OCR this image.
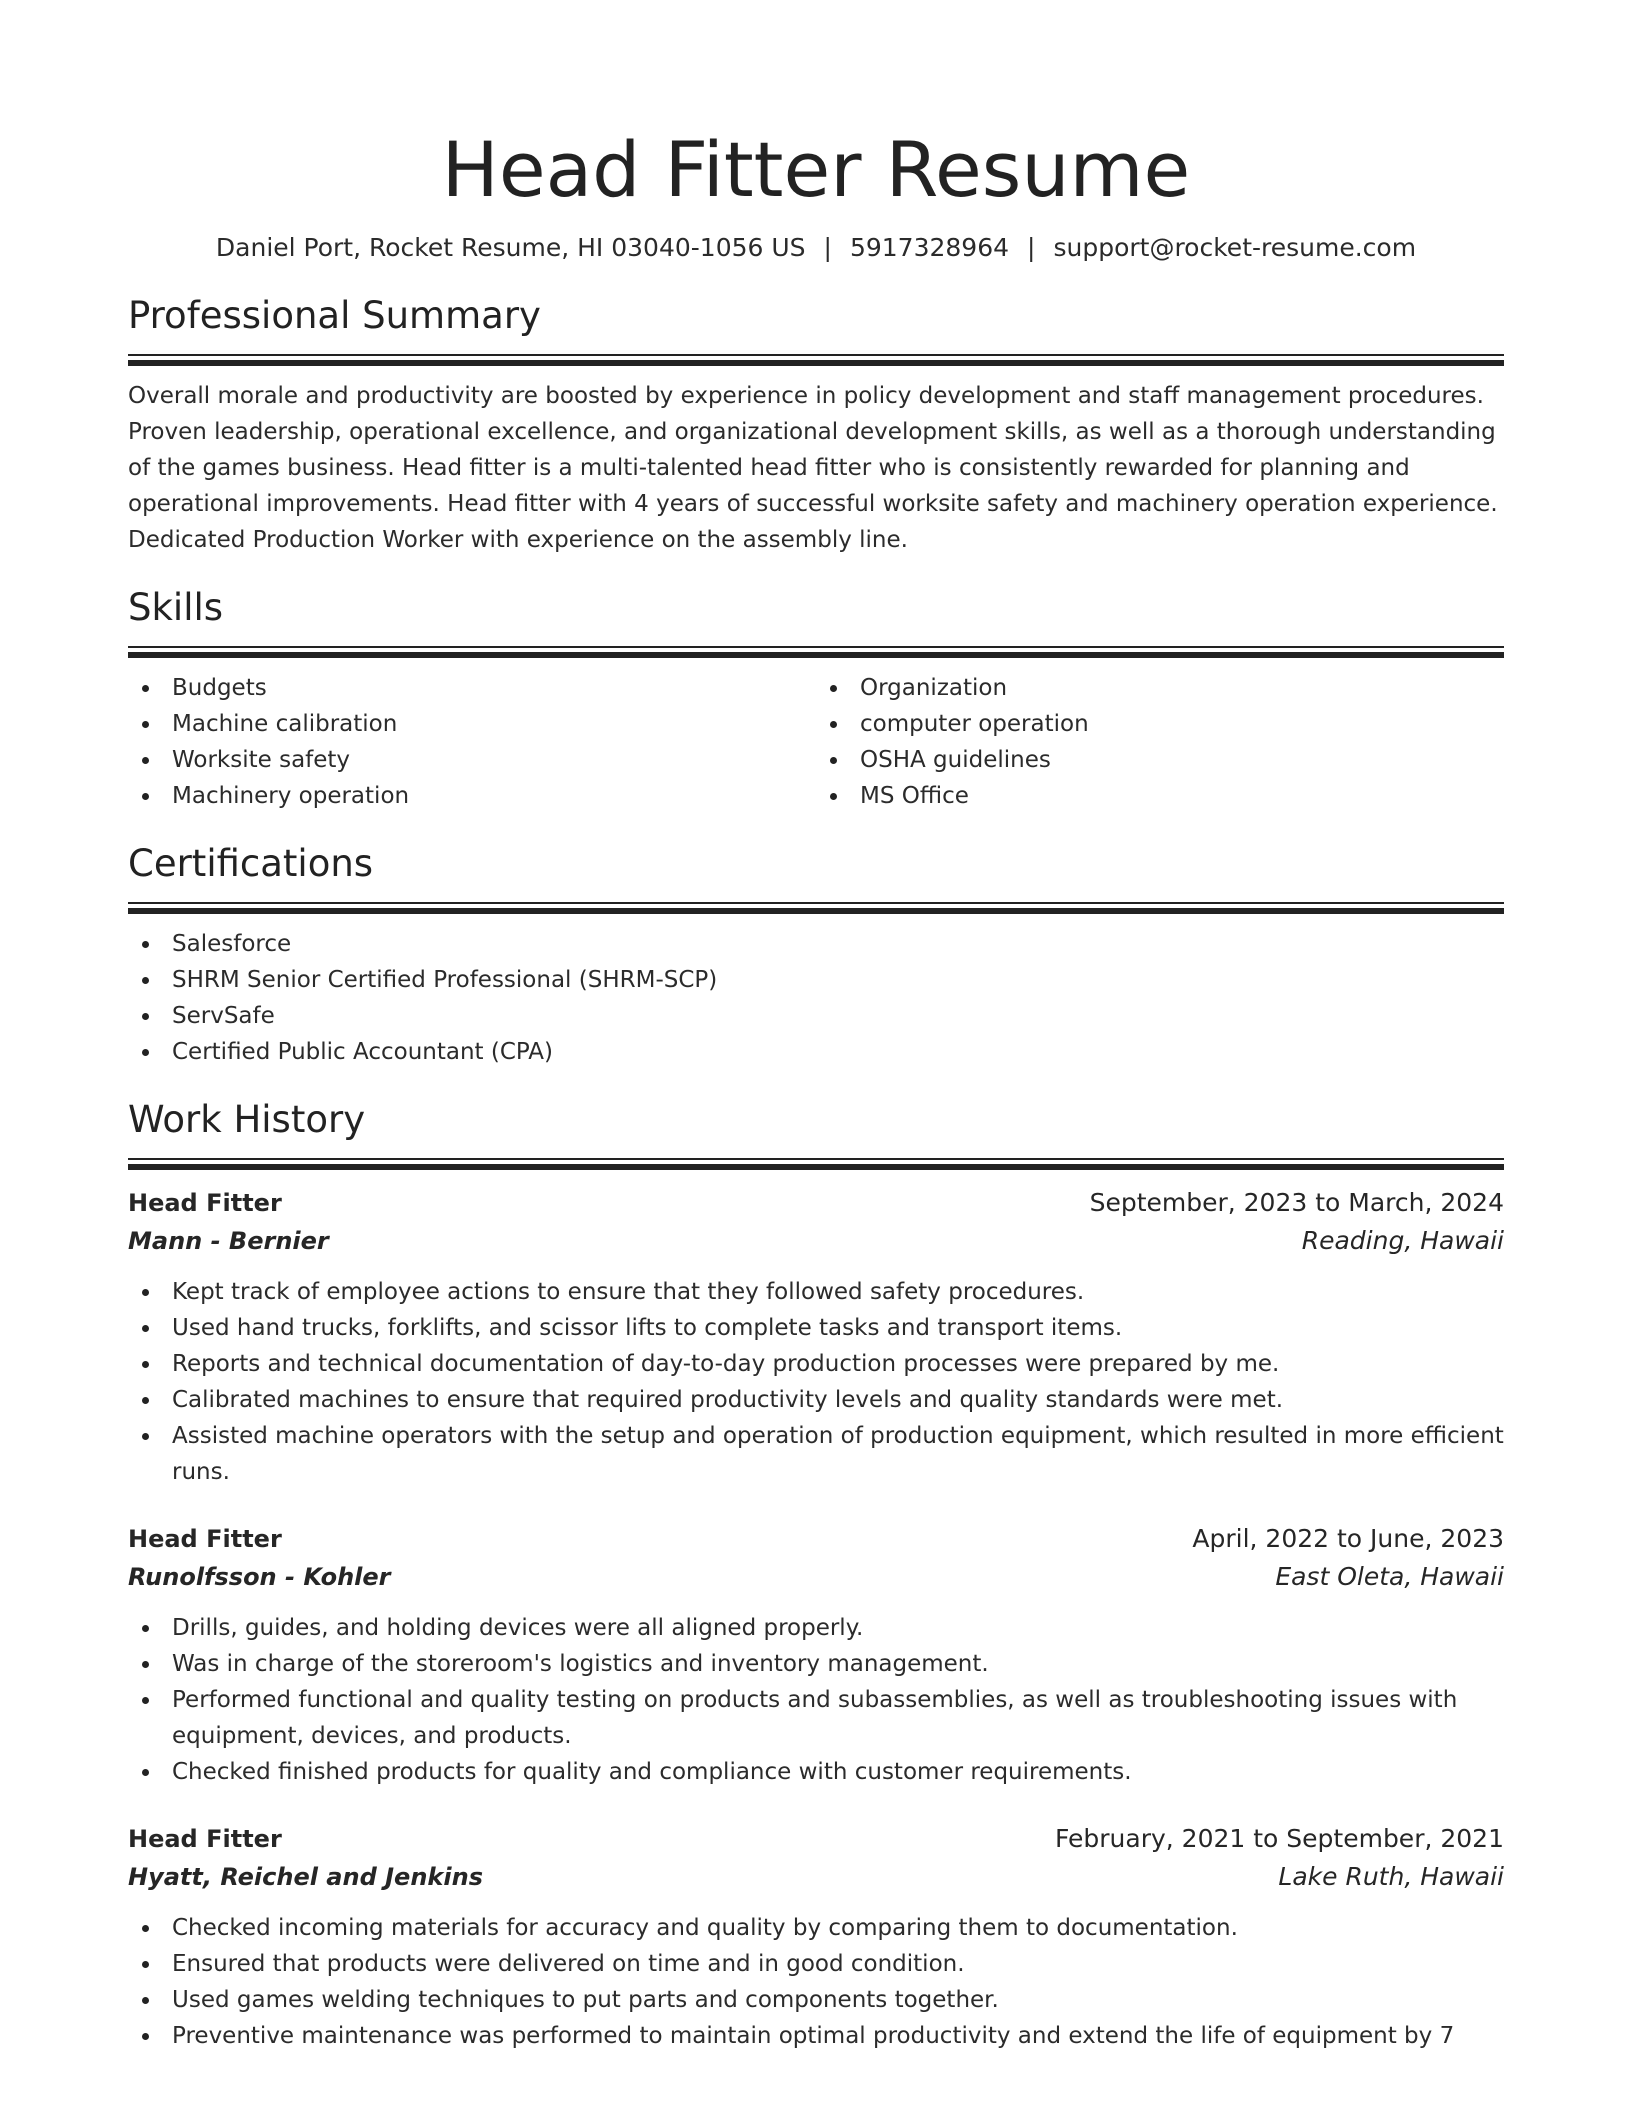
Head Fitter Resume
Daniel Port, Rocket Resume, HI 03040-1056 US | 5917328964 | support@rocket-resume.com
Professional Summary

Overall morale and productivity are boosted by experience in policy development and staff management procedures. Proven leadership, operational excellence, and organizational development skills, as well as a thorough understanding of the games business. Head fitter is a multi-talented head fitter who is consistently rewarded for planning and operational improvements. Head fitter with 4 years of successful worksite safety and machinery operation experience. Dedicated Production Worker with experience on the assembly line.

Skills
Budgets
Machine calibration
Worksite safety
Machinery operation
Organization
computer operation
OSHA guidelines
MS Office
Certifications
Salesforce
SHRM Senior Certified Professional (SHRM-SCP)
ServSafe
Certified Public Accountant (CPA)
Work History
Head Fitter	September, 2023 to March, 2024
Mann - Bernier	Reading, Hawaii
Kept track of employee actions to ensure that they followed safety procedures.
Used hand trucks, forklifts, and scissor lifts to complete tasks and transport items.
Reports and technical documentation of day-to-day production processes were prepared by me.
Calibrated machines to ensure that required productivity levels and quality standards were met.
Assisted machine operators with the setup and operation of production equipment, which resulted in more efficient runs.
Head Fitter	April, 2022 to June, 2023
Runolfsson - Kohler	East Oleta, Hawaii
Drills, guides, and holding devices were all aligned properly.
Was in charge of the storeroom's logistics and inventory management.
Performed functional and quality testing on products and subassemblies, as well as troubleshooting issues with equipment, devices, and products.
Checked finished products for quality and compliance with customer requirements.
Head Fitter	February, 2021 to September, 2021
Hyatt, Reichel and Jenkins	Lake Ruth, Hawaii
Checked incoming materials for accuracy and quality by comparing them to documentation.
Ensured that products were delivered on time and in good condition.
Used games welding techniques to put parts and components together.
Preventive maintenance was performed to maintain optimal productivity and extend the life of equipment by 7
